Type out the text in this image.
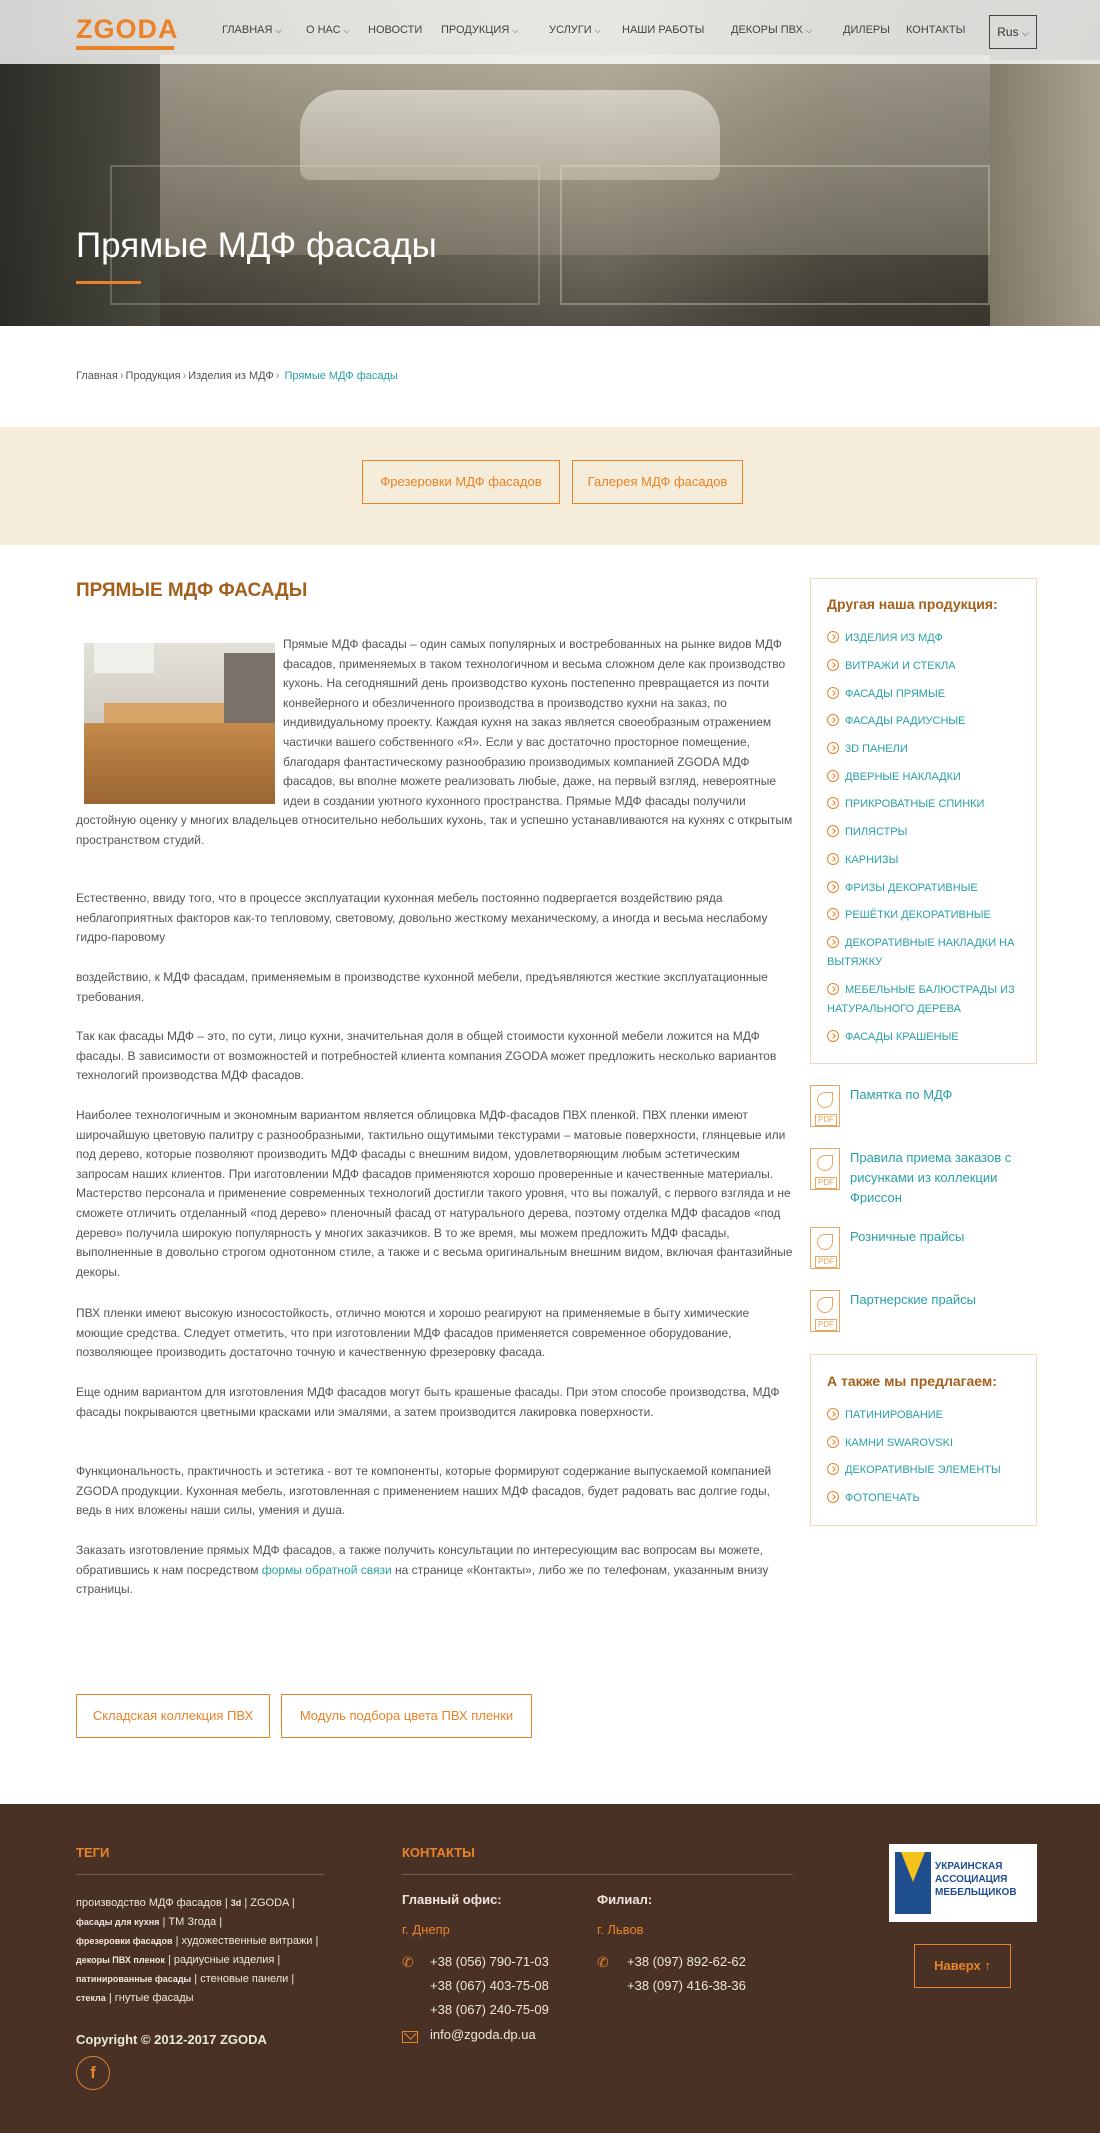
ZGODA	ГЛАВНАЯ ⌵ О НАС ⌵ НОВОСТИ ПРОДУКЦИЯ ⌵	УСЛУГИ ⌵ НАШИ РАБОТЫ ДЕКОРЫ ПВХ ⌵	ДИЛЕРЫ КОНТАКТЫ	Rus ⌵
Прямые МДФ фасады
Главная › Продукция › Изделия из МДФ › Прямые МДФ фасады
Фрезеровки МДФ фасадов	Галерея МДФ фасадов
ПРЯМЫЕ МДФ ФАСАДЫ
Прямые МДФ фасады – один самых популярных и востребованных на рынке видов МДФ фасадов, применяемых в таком технологичном и весьма сложном деле как производство кухонь. На сегодняшний день производство кухонь постепенно превращается из почти конвейерного и обезличенного производства в производство кухни на заказ, по индивидуальному проекту. Каждая кухня на заказ является своеобразным отражением частички вашего собственного «Я». Если у вас достаточно просторное помещение, благодаря фантастическому разнообразию производимых компанией ZGODA МДФ фасадов, вы вполне можете реализовать любые, даже, на первый взгляд, невероятные идеи в создании уютного кухонного пространства. Прямые МДФ фасады получили достойную оценку у многих владельцев относительно небольших кухонь, так и успешно устанавливаются на кухнях с открытым пространством студий.
Естественно, ввиду того, что в процессе эксплуатации кухонная мебель постоянно подвергается воздействию ряда неблагоприятных факторов как-то тепловому, световому, довольно жесткому механическому, а иногда и весьма неслабому гидро-паровому
воздействию, к МДФ фасадам, применяемым в производстве кухонной мебели, предъявляются жесткие эксплуатационные требования.
Так как фасады МДФ – это, по сути, лицо кухни, значительная доля в общей стоимости кухонной мебели ложится на МДФ фасады. В зависимости от возможностей и потребностей клиента компания ZGODA может предложить несколько вариантов технологий производства МДФ фасадов.
Наиболее технологичным и экономным вариантом является облицовка МДФ-фасадов ПВХ пленкой. ПВХ пленки имеют широчайшую цветовую палитру с разнообразными, тактильно ощутимыми текстурами – матовые поверхности, глянцевые или под дерево, которые позволяют производить МДФ фасады с внешним видом, удовлетворяющим любым эстетическим запросам наших клиентов. При изготовлении МДФ фасадов применяются хорошо проверенные и качественные материалы. Мастерство персонала и применение современных технологий достигли такого уровня, что вы пожалуй, с первого взгляда и не сможете отличить отделанный «под дерево» пленочный фасад от натурального дерева, поэтому отделка МДФ фасадов «под дерево» получила широкую популярность у многих заказчиков. В то же время, мы можем предложить МДФ фасады, выполненные в довольно строгом однотонном стиле, а также и с весьма оригинальным внешним видом, включая фантазийные декоры.
ПВХ пленки имеют высокую износостойкость, отлично моются и хорошо реагируют на применяемые в быту химические моющие средства. Следует отметить, что при изготовлении МДФ фасадов применяется современное оборудование, позволяющее производить достаточно точную и качественную фрезеровку фасада.
Еще одним вариантом для изготовления МДФ фасадов могут быть крашеные фасады. При этом способе производства, МДФ фасады покрываются цветными красками или эмалями, а затем производится лакировка поверхности.
Функциональность, практичность и эстетика - вот те компоненты, которые формируют содержание выпускаемой компанией ZGODA продукции. Кухонная мебель, изготовленная с применением наших МДФ фасадов, будет радовать вас долгие годы, ведь в них вложены наши силы, умения и душа.
Заказать изготовление прямых МДФ фасадов, а также получить консультации по интересующим вас вопросам вы можете, обратившись к нам посредством формы обратной связи на странице «Контакты», либо же по телефонам, указанным внизу страницы.
Другая наша продукция:
ИЗДЕЛИЯ ИЗ МДФ
ВИТРАЖИ И СТЕКЛА
ФАСАДЫ ПРЯМЫЕ
ФАСАДЫ РАДИУСНЫЕ
3D ПАНЕЛИ
ДВЕРНЫЕ НАКЛАДКИ
ПРИКРОВАТНЫЕ СПИНКИ
ПИЛЯСТРЫ
КАРНИЗЫ
ФРИЗЫ ДЕКОРАТИВНЫЕ
РЕШЁТКИ ДЕКОРАТИВНЫЕ
ДЕКОРАТИВНЫЕ НАКЛАДКИ НА ВЫТЯЖКУ
МЕБЕЛЬНЫЕ БАЛЮСТРАДЫ ИЗ НАТУРАЛЬНОГО ДЕРЕВА
ФАСАДЫ КРАШЕНЫЕ
PDF
Памятка по МДФ
PDF
Правила приема заказов с рисунками из коллекции Фриссон
PDF
Розничные прайсы
PDF
Партнерские прайсы
А также мы предлагаем:
ПАТИНИРОВАНИЕ
КАМНИ SWAROVSKI
ДЕКОРАТИВНЫЕ ЭЛЕМЕНТЫ
ФОТОПЕЧАТЬ
Складская коллекция ПВХ	Модуль подбора цвета ПВХ пленки
ТЕГИ
производство МДФ фасадов | 3d | ZGODA |
фасады для кухня | ТМ Згода |
фрезеровки фасадов | художественные витражи |
декоры ПВХ пленок | радиусные изделия |
патинированные фасады | стеновые панели |
стекла | гнутые фасады
КОНТАКТЫ
Главный офис:
г. Днепр
✆	+38 (056) 790-71-03
+38 (067) 403-75-08
+38 (067) 240-75-09
info@zgoda.dp.ua
Филиал:
г. Львов
✆	+38 (097) 892-62-62
+38 (097) 416-38-36
Copyright © 2012-2017 ZGODA
f
УКРАИНСКАЯ АССОЦИАЦИЯ МЕБЕЛЬЩИКОВ
Наверх ↑
